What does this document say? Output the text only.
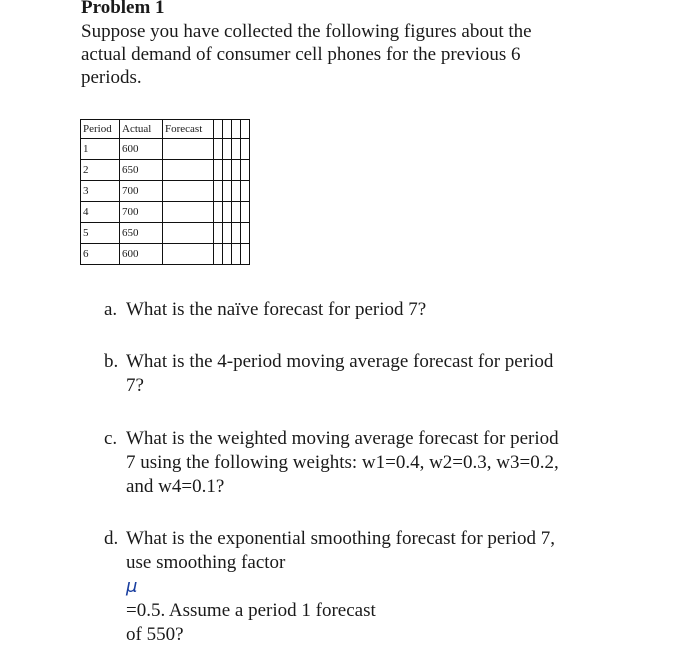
Problem 1
Suppose you have collected the following figures about the
actual demand of consumer cell phones for the previous 6
periods.
Period	Actual	Forecast				
1	600					
2	650					
3	700					
4	700					
5	650					
6	600					
a. What is the naïve forecast for period 7?
b. What is the 4-period moving average forecast for period
7?
c. What is the weighted moving average forecast for period
7 using the following weights: w1=0.4, w2=0.3, w3=0.2,
and w4=0.1?
d. What is the exponential smoothing forecast for period 7,
use smoothing factor
μ
=0.5. Assume a period 1 forecast
of 550?
